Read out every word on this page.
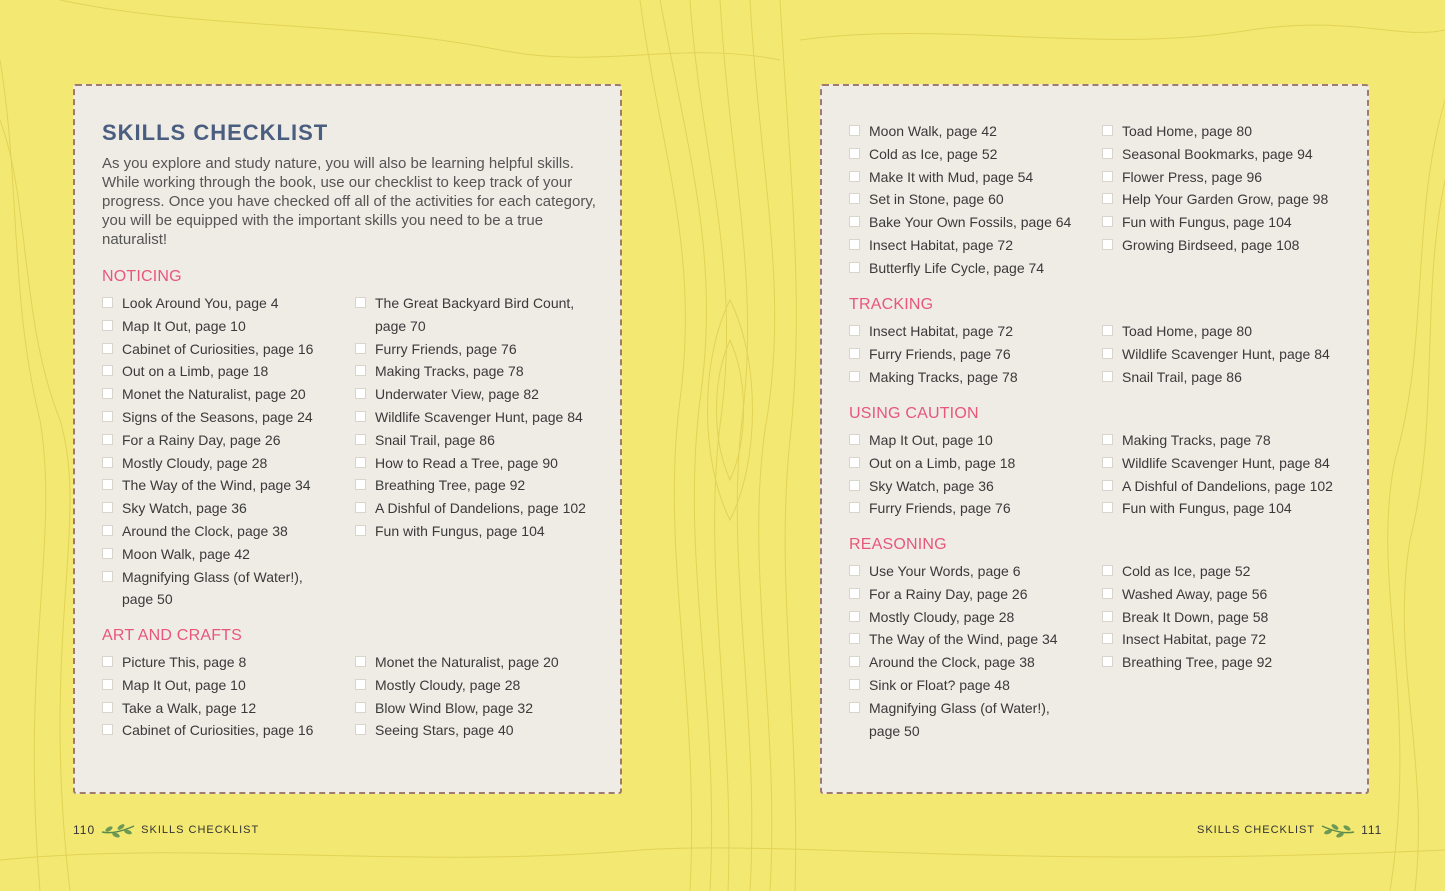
SKILLS CHECKLIST

As you explore and study nature, you will also be learning helpful skills. While working through the book, use our checklist to keep track of your progress. Once you have checked off all of the activities for each category, you will be equipped with the important skills you need to be a true naturalist!

NOTICING
Look Around You, page 4
Map It Out, page 10
Cabinet of Curiosities, page 16
Out on a Limb, page 18
Monet the Naturalist, page 20
Signs of the Seasons, page 24
For a Rainy Day, page 26
Mostly Cloudy, page 28
The Way of the Wind, page 34
Sky Watch, page 36
Around the Clock, page 38
Moon Walk, page 42
Magnifying Glass (of Water!),
page 50
The Great Backyard Bird Count,
page 70
Furry Friends, page 76
Making Tracks, page 78
Underwater View, page 82
Wildlife Scavenger Hunt, page 84
Snail Trail, page 86
How to Read a Tree, page 90
Breathing Tree, page 92
A Dishful of Dandelions, page 102
Fun with Fungus, page 104
ART AND CRAFTS
Picture This, page 8
Map It Out, page 10
Take a Walk, page 12
Cabinet of Curiosities, page 16
Monet the Naturalist, page 20
Mostly Cloudy, page 28
Blow Wind Blow, page 32
Seeing Stars, page 40
Moon Walk, page 42
Cold as Ice, page 52
Make It with Mud, page 54
Set in Stone, page 60
Bake Your Own Fossils, page 64
Insect Habitat, page 72
Butterfly Life Cycle, page 74
Toad Home, page 80
Seasonal Bookmarks, page 94
Flower Press, page 96
Help Your Garden Grow, page 98
Fun with Fungus, page 104
Growing Birdseed, page 108
TRACKING
Insect Habitat, page 72
Furry Friends, page 76
Making Tracks, page 78
Toad Home, page 80
Wildlife Scavenger Hunt, page 84
Snail Trail, page 86
USING CAUTION
Map It Out, page 10
Out on a Limb, page 18
Sky Watch, page 36
Furry Friends, page 76
Making Tracks, page 78
Wildlife Scavenger Hunt, page 84
A Dishful of Dandelions, page 102
Fun with Fungus, page 104
REASONING
Use Your Words, page 6
For a Rainy Day, page 26
Mostly Cloudy, page 28
The Way of the Wind, page 34
Around the Clock, page 38
Sink or Float? page 48
Magnifying Glass (of Water!),
page 50
Cold as Ice, page 52
Washed Away, page 56
Break It Down, page 58
Insect Habitat, page 72
Breathing Tree, page 92
110	SKILLS CHECKLIST	SKILLS CHECKLIST	111
